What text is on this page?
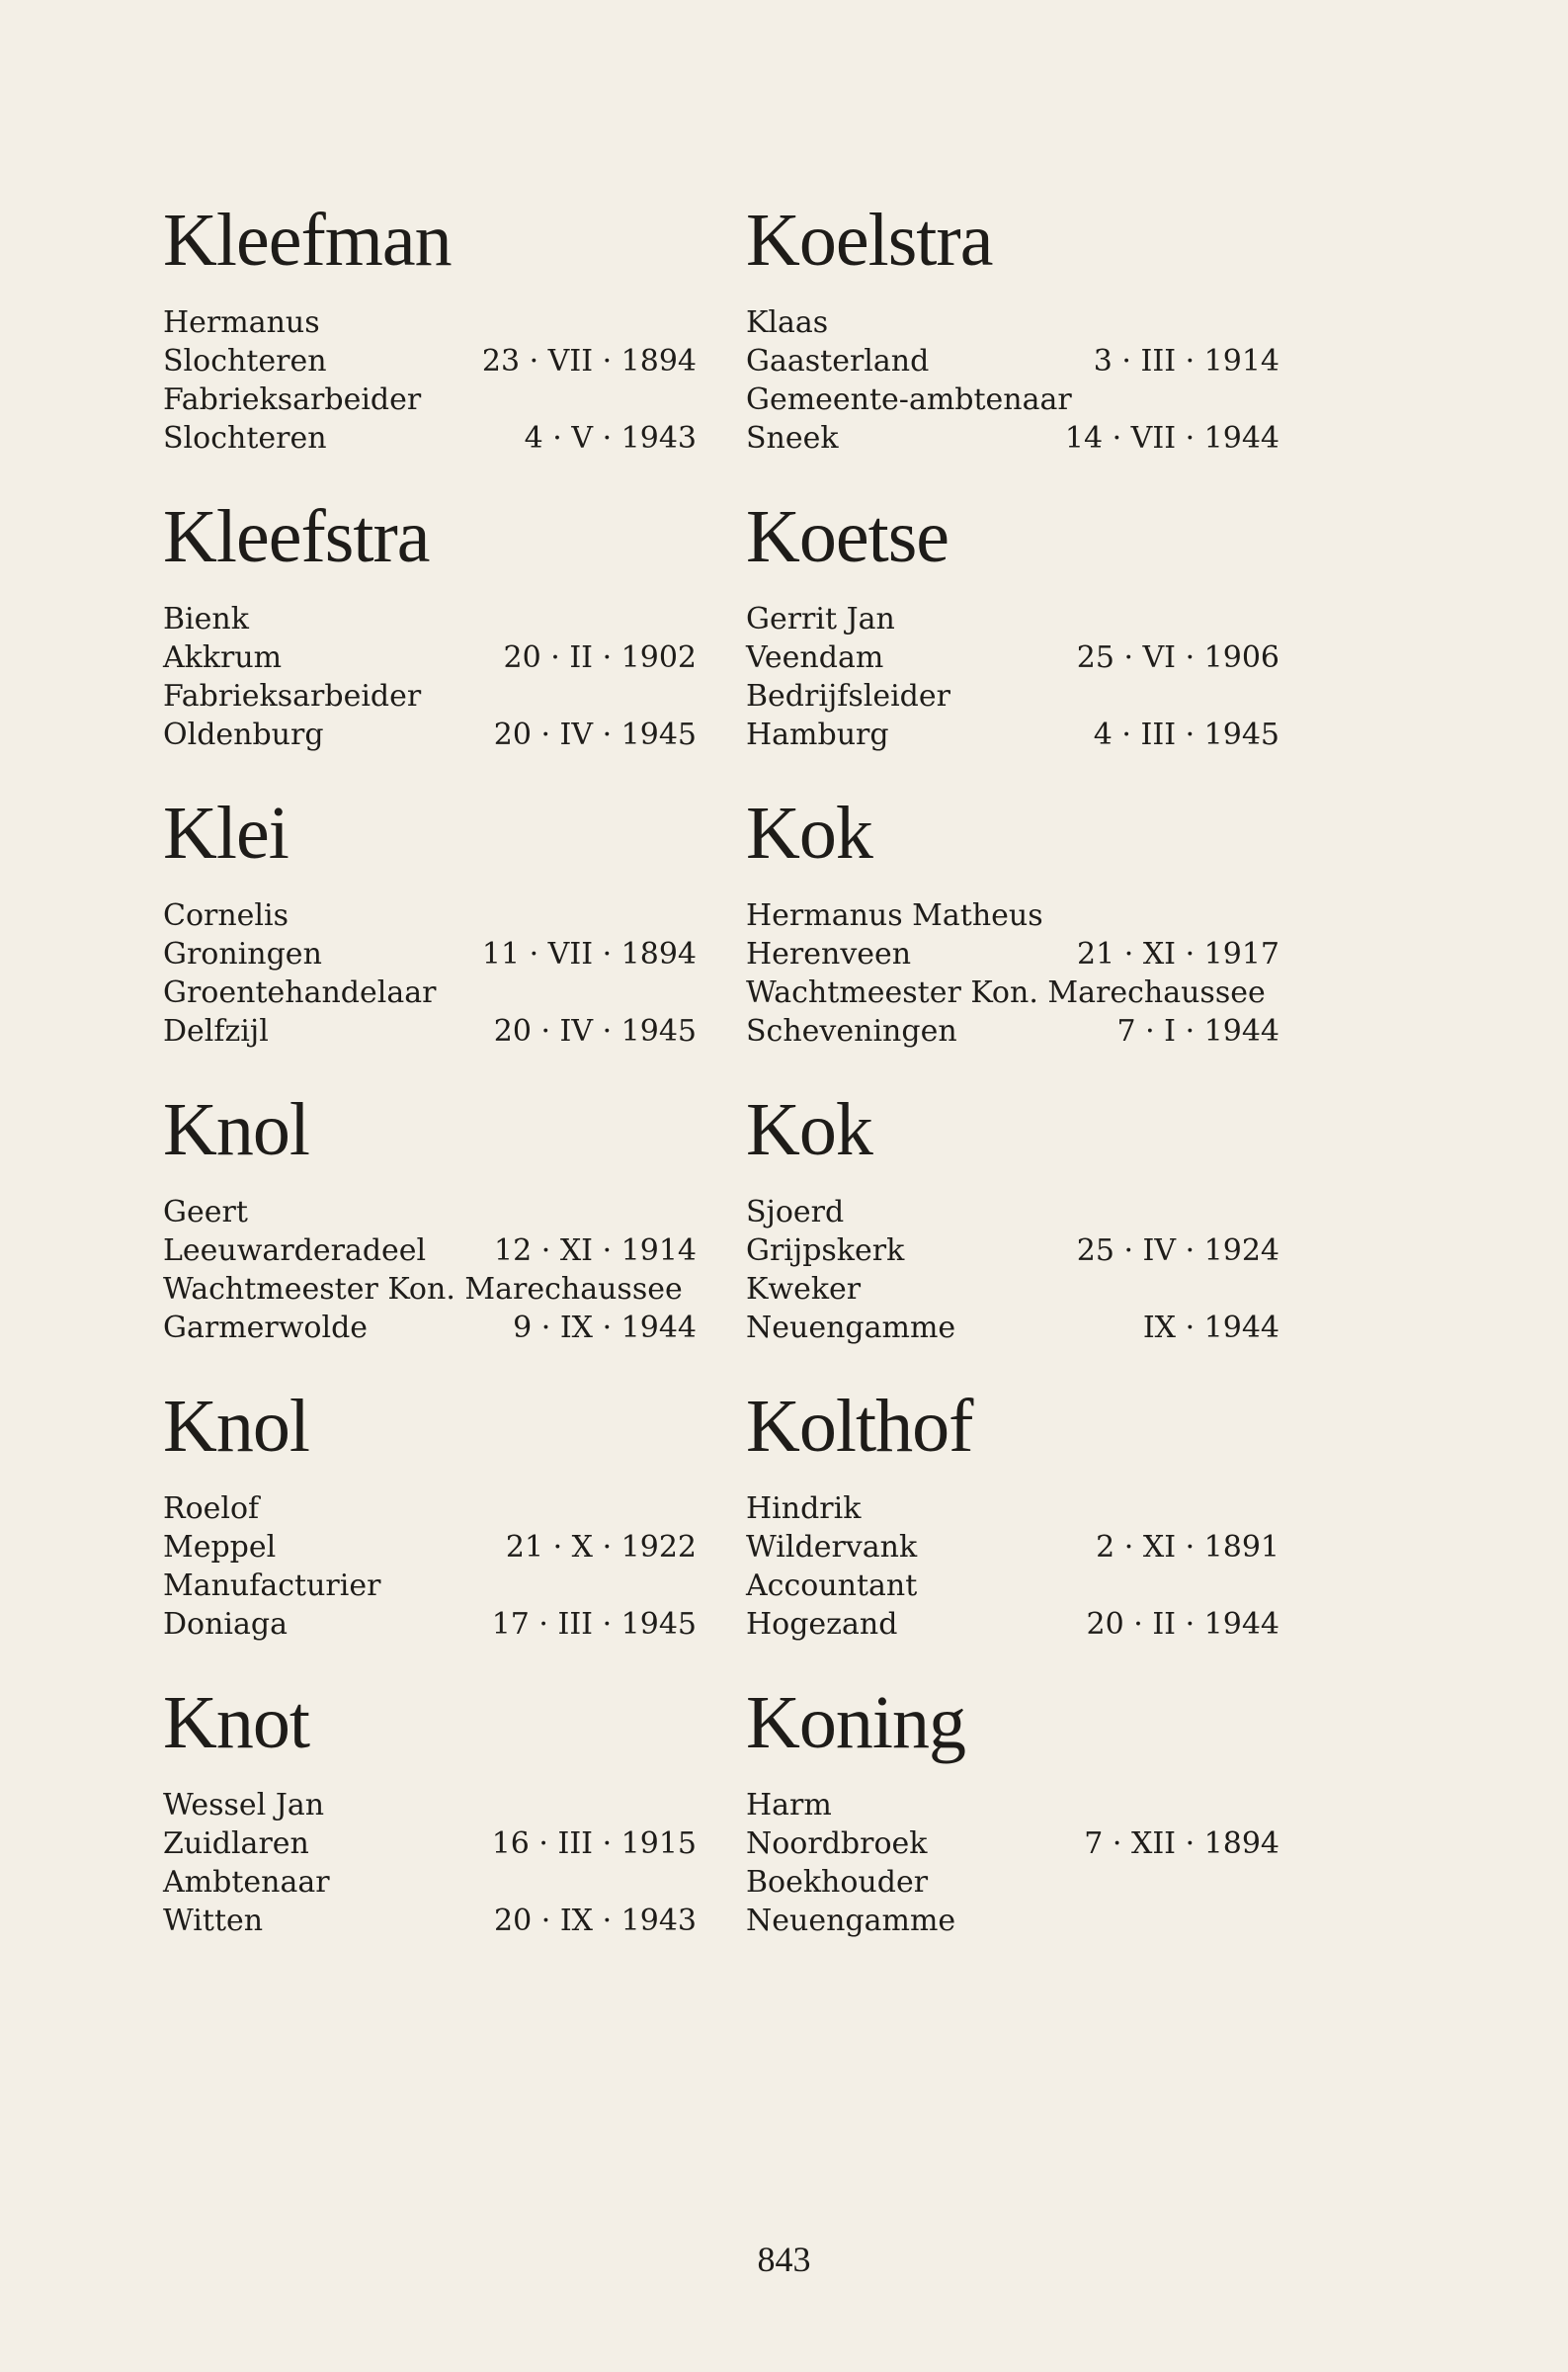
Kleefman
Hermanus
Slochteren	23 · VII · 1894
Fabrieksarbeider
Slochteren	4 · V · 1943
Kleefstra
Bienk
Akkrum	20 · II · 1902
Fabrieksarbeider
Oldenburg	20 · IV · 1945
Klei
Cornelis
Groningen	11 · VII · 1894
Groentehandelaar
Delfzijl	20 · IV · 1945
Knol
Geert
Leeuwarderadeel 12 · XI · 1914
Wachtmeester Kon. Marechaussee
Garmerwolde	9 · IX · 1944
Knol
Roelof
Meppel	21 · X · 1922
Manufacturier
Doniaga	17 · III · 1945
Knot
Wessel Jan
Zuidlaren	16 · III · 1915
Ambtenaar
Witten	20 · IX · 1943
Koelstra
Klaas
Gaasterland	3 · III · 1914
Gemeente-ambtenaar
Sneek	14 · VII · 1944
Koetse
Gerrit Jan
Veendam	25 · VI · 1906
Bedrijfsleider
Hamburg	4 · III · 1945
Kok
Hermanus Matheus
Herenveen	21 · XI · 1917
Wachtmeester Kon. Marechaussee
Scheveningen	7 · I · 1944
Kok
Sjoerd
Grijpskerk	25 · IV · 1924
Kweker
Neuengamme	IX · 1944
Kolthof
Hindrik
Wildervank	2 · XI · 1891
Accountant
Hogezand	20 · II · 1944
Koning
Harm
Noordbroek	7 · XII · 1894
Boekhouder
Neuengamme
843
